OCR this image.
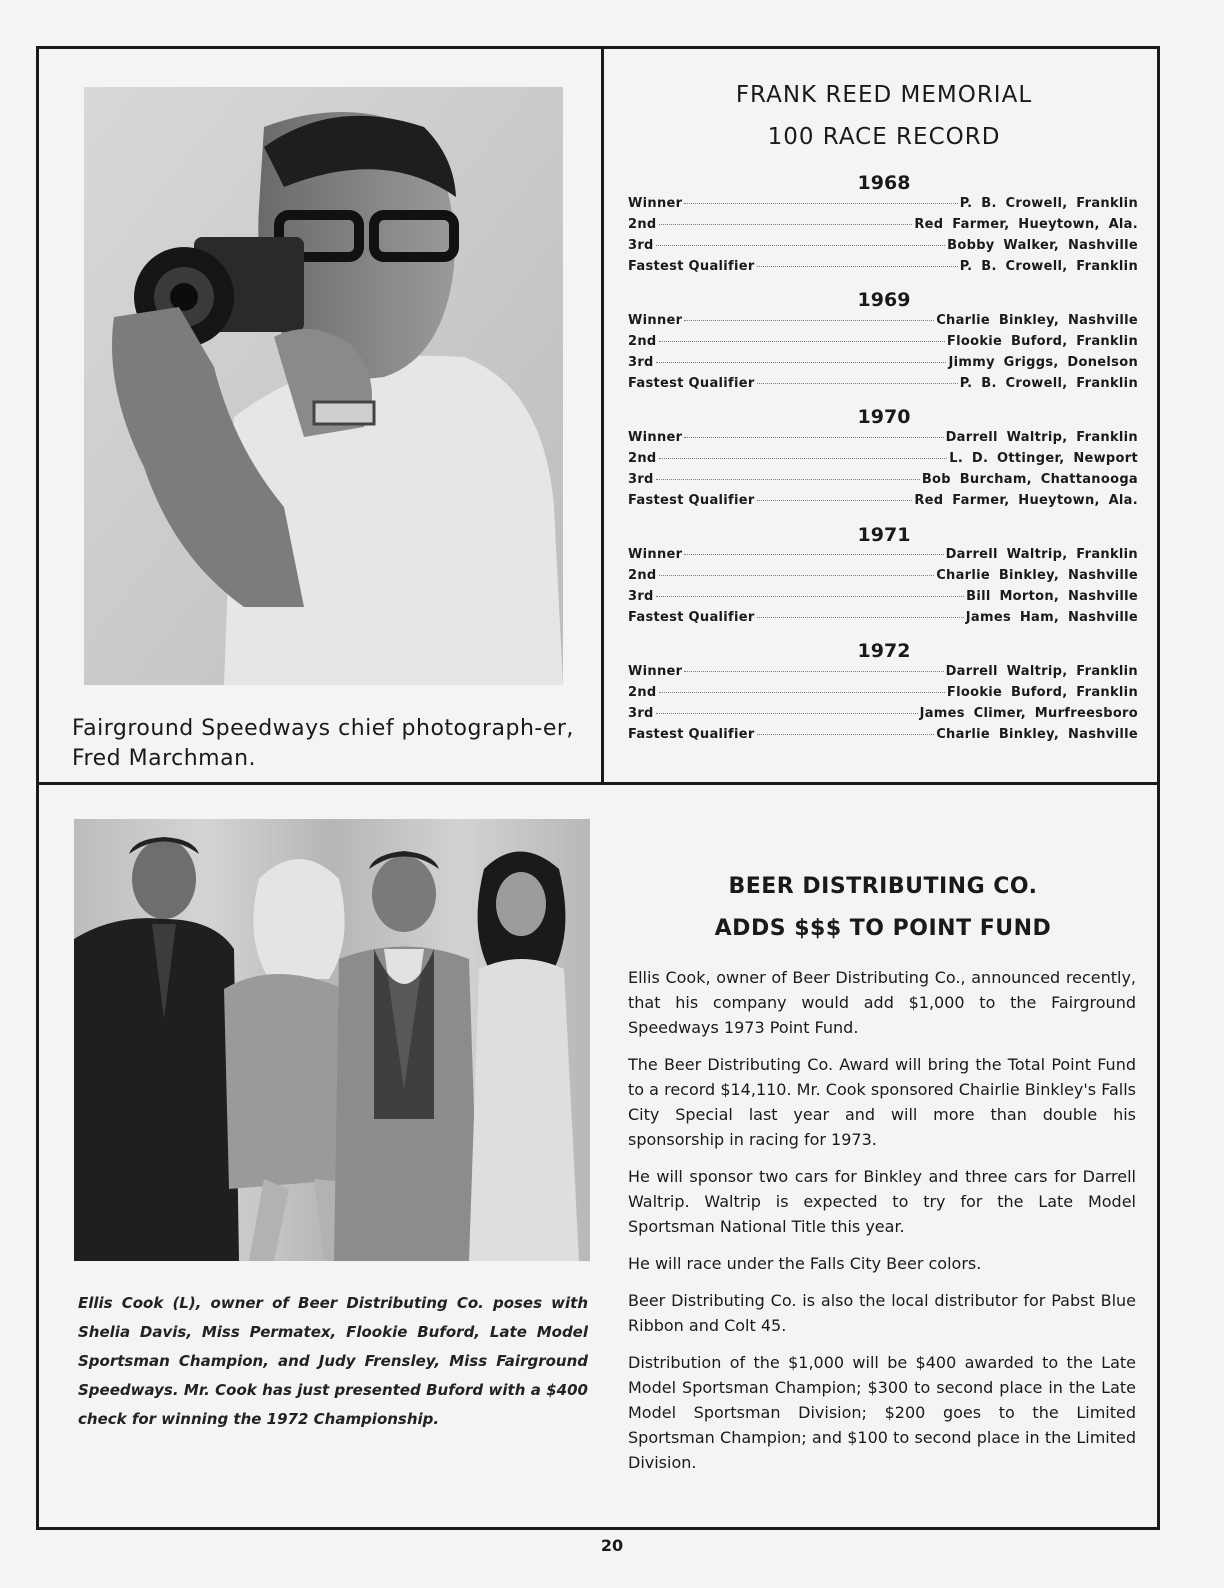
Fairground Speedways chief photograph-er, Fred Marchman.
FRANK REED MEMORIAL
100 RACE RECORD
1968
Winner	P. B. Crowell, Franklin
2nd	Red Farmer, Hueytown, Ala.
3rd	Bobby Walker, Nashville
Fastest Qualifier	P. B. Crowell, Franklin
1969
Winner	Charlie Binkley, Nashville
2nd	Flookie Buford, Franklin
3rd	Jimmy Griggs, Donelson
Fastest Qualifier	P. B. Crowell, Franklin
1970
Winner	Darrell Waltrip, Franklin
2nd	L. D. Ottinger, Newport
3rd	Bob Burcham, Chattanooga
Fastest Qualifier	Red Farmer, Hueytown, Ala.
1971
Winner	Darrell Waltrip, Franklin
2nd	Charlie Binkley, Nashville
3rd	Bill Morton, Nashville
Fastest Qualifier	James Ham, Nashville
1972
Winner	Darrell Waltrip, Franklin
2nd	Flookie Buford, Franklin
3rd	James Climer, Murfreesboro
Fastest Qualifier	Charlie Binkley, Nashville
Ellis Cook (L), owner of Beer Distributing Co. poses with Shelia Davis, Miss Permatex, Flookie Buford, Late Model Sportsman Champion, and Judy Frensley, Miss Fairground Speedways. Mr. Cook has just presented Buford with a $400 check for winning the 1972 Championship.
BEER DISTRIBUTING CO.
ADDS $$$ TO POINT FUND

Ellis Cook, owner of Beer Distributing Co., announced recently, that his company would add $1,000 to the Fairground Speedways 1973 Point Fund.

The Beer Distributing Co. Award will bring the Total Point Fund to a record $14,110. Mr. Cook sponsored Chairlie Binkley's Falls City Special last year and will more than double his sponsorship in racing for 1973.

He will sponsor two cars for Binkley and three cars for Darrell Waltrip. Waltrip is expected to try for the Late Model Sportsman National Title this year.

He will race under the Falls City Beer colors.

Beer Distributing Co. is also the local distributor for Pabst Blue Ribbon and Colt 45.

Distribution of the $1,000 will be $400 awarded to the Late Model Sportsman Champion; $300 to second place in the Late Model Sportsman Division; $200 goes to the Limited Sportsman Champion; and $100 to second place in the Limited Division.

20
